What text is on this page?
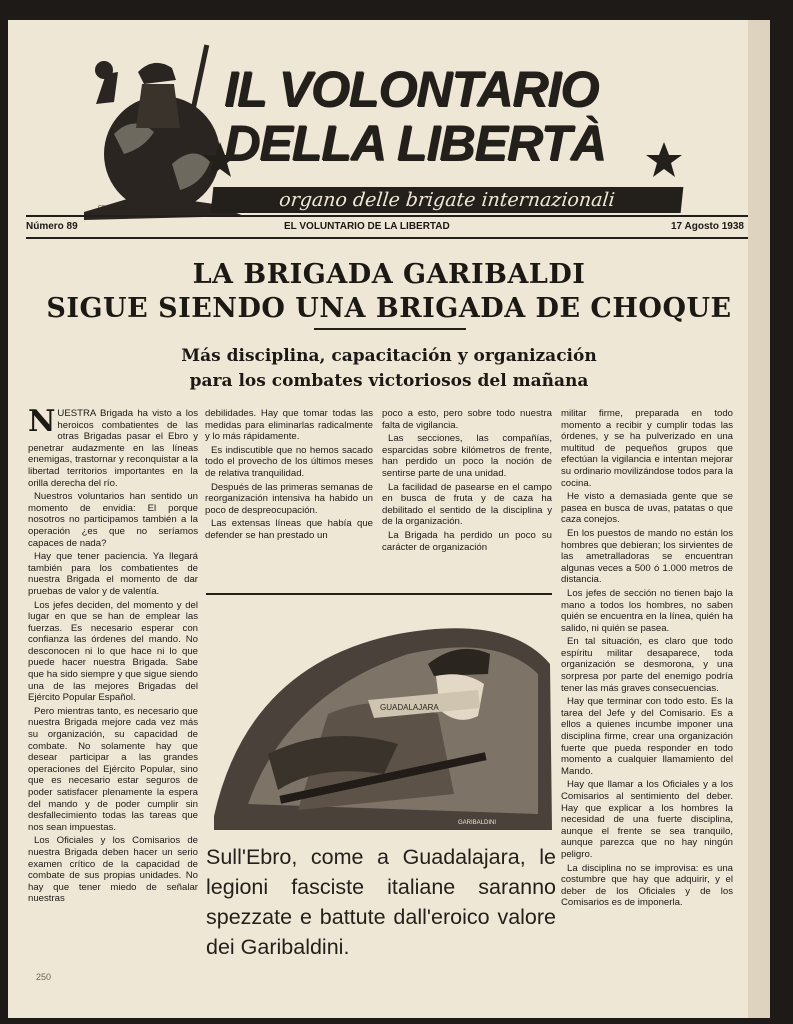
FRINDRONE
IL VOLONTARIO
DELLA LIBERTÀ
organo delle brigate internazionali
Número 89	EL VOLUNTARIO DE LA LIBERTAD	17 Agosto 1938
LA BRIGADA GARIBALDI
SIGUE SIENDO UNA BRIGADA DE CHOQUE
Más disciplina, capacitación y organización
para los combates victoriosos del mañana
N UESTRA Brigada ha visto a los heroicos combatientes de las otras Brigadas pasar el Ebro y penetrar audazmente en las líneas enemigas, trastornar y reconquistar a la libertad territorios importantes en la orilla derecha del río.

Nuestros voluntarios han sentido un momento de envidia: El porque nosotros no participamos también a la operación ¿es que no seríamos capaces de nada?

Hay que tener paciencia. Ya llegará también para los combatientes de nuestra Brigada el momento de dar pruebas de valor y de valentía.

Los jefes deciden, del momento y del lugar en que se han de emplear las fuerzas. Es necesario esperar con confianza las órdenes del mando. No desconocen ni lo que hace ni lo que puede hacer nuestra Brigada. Sabe que ha sido siempre y que sigue siendo una de las mejores Brigadas del Ejército Popular Español.

Pero mientras tanto, es necesario que nuestra Brigada mejore cada vez más su organización, su capacidad de combate. No solamente hay que desear participar a las grandes operaciones del Ejército Popular, sino que es necesario estar seguros de poder satisfacer plenamente la espera del mando y de poder cumplir sin desfallecimiento todas las tareas que nos sean impuestas.

Los Oficiales y los Comisarios de nuestra Brigada deben hacer un serio examen crítico de la capacidad de combate de sus propias unidades. No hay que tener miedo de señalar nuestras

debilidades. Hay que tomar todas las medidas para eliminarlas radicalmente y lo más rápidamente.

Es indiscutible que no hemos sacado todo el provecho de los últimos meses de relativa tranquilidad.

Después de las primeras semanas de reorganización intensiva ha habido un poco de despreocupación.

Las extensas líneas que había que defender se han prestado un

poco a esto, pero sobre todo nuestra falta de vigilancia.

Las secciones, las compañías, esparcidas sobre kilómetros de frente, han perdido un poco la noción de sentirse parte de una unidad.

La facilidad de pasearse en el campo en busca de fruta y de caza ha debilitado el sentido de la disciplina y de la organización.

La Brigada ha perdido un poco su carácter de organización

militar firme, preparada en todo momento a recibir y cumplir todas las órdenes, y se ha pulverizado en una multitud de pequeños grupos que efectúan la vigilancia e intentan mejorar su ordinario movilizándose todos para la cocina.

He visto a demasiada gente que se pasea en busca de uvas, patatas o que caza conejos.

En los puestos de mando no están los hombres que debieran; los sirvientes de las ametralladoras se encuentran algunas veces a 500 ó 1.000 metros de distancia.

Los jefes de sección no tienen bajo la mano a todos los hombres, no saben quién se encuentra en la línea, quién ha salido, ni quién se pasea.

En tal situación, es claro que todo espíritu militar desaparece, toda organización se desmorona, y una sorpresa por parte del enemigo podría tener las más graves consecuencias.

Hay que terminar con todo esto. Es la tarea del Jefe y del Comisario. Es a ellos a quienes incumbe imponer una disciplina firme, crear una organización fuerte que pueda responder en todo momento a cualquier llamamiento del Mando.

Hay que llamar a los Oficiales y a los Comisarios al sentimiento del deber. Hay que explicar a los hombres la necesidad de una fuerte disciplina, aunque el frente se sea tranquilo, aunque parezca que no hay ningún peligro.

La disciplina no se improvisa: es una costumbre que hay que adquirir, y el deber de los Oficiales y de los Comisarios es de imponerla.

GUADALAJARA
GARIBALDINI
Sull'Ebro, come a Guadalajara, le legioni fasciste italiane saranno spezzate e battute dall'eroico valore dei Garibaldini.
250
